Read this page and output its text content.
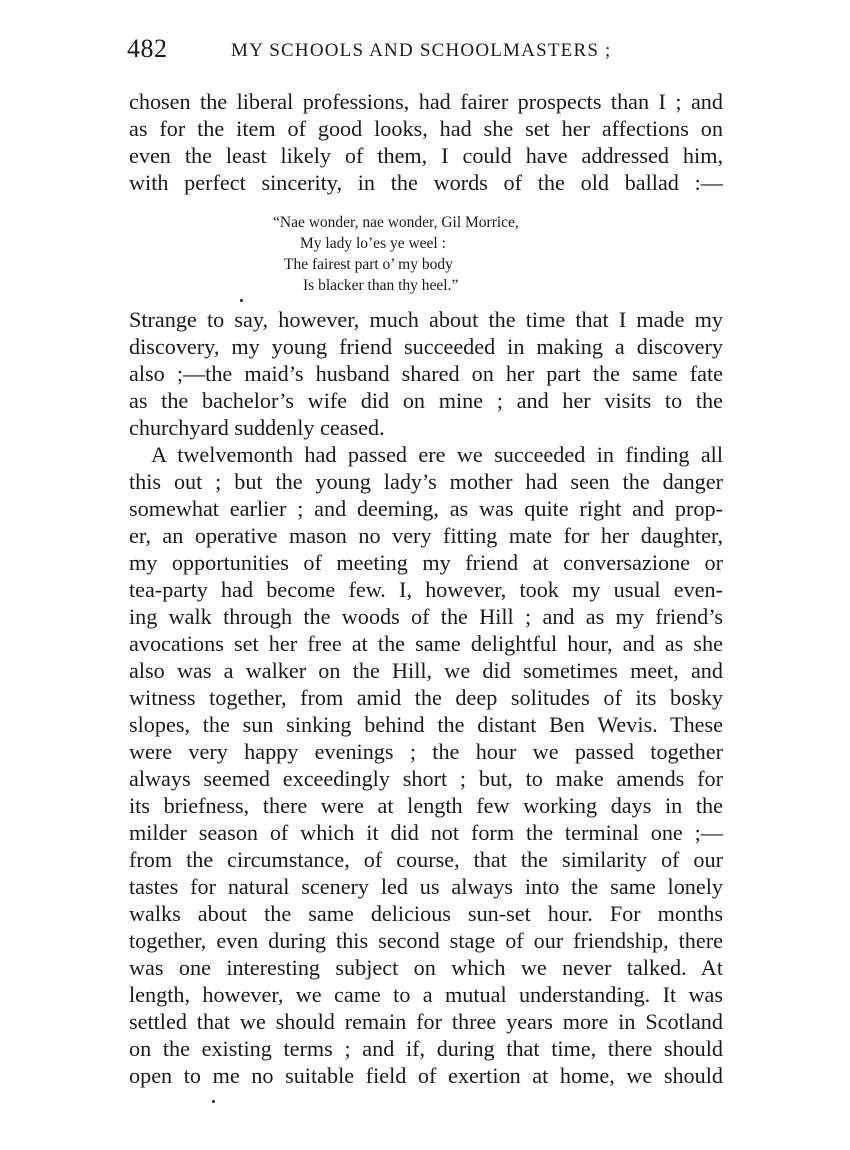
482	MY SCHOOLS AND SCHOOLMASTERS ;
chosen the liberal professions, had fairer prospects than I ; and
as for the item of good looks, had she set her affections on
even the least likely of them, I could have addressed him,
with perfect sincerity, in the words of the old ballad :—
“Nae wonder, nae wonder, Gil Morrice,
My lady lo’es ye weel :
The fairest part o’ my body
Is blacker than thy heel.”
Strange to say, however, much about the time that I made my
discovery, my young friend succeeded in making a discovery
also ;—the maid’s husband shared on her part the same fate
as the bachelor’s wife did on mine ; and her visits to the
churchyard suddenly ceased.
A twelvemonth had passed ere we succeeded in finding all
this out ; but the young lady’s mother had seen the danger
somewhat earlier ; and deeming, as was quite right and prop-
er, an operative mason no very fitting mate for her daughter,
my opportunities of meeting my friend at conversazione or
tea-party had become few. I, however, took my usual even-
ing walk through the woods of the Hill ; and as my friend’s
avocations set her free at the same delightful hour, and as she
also was a walker on the Hill, we did sometimes meet, and
witness together, from amid the deep solitudes of its bosky
slopes, the sun sinking behind the distant Ben Wevis. These
were very happy evenings ; the hour we passed together
always seemed exceedingly short ; but, to make amends for
its briefness, there were at length few working days in the
milder season of which it did not form the terminal one ;—
from the circumstance, of course, that the similarity of our
tastes for natural scenery led us always into the same lonely
walks about the same delicious sun-set hour. For months
together, even during this second stage of our friendship, there
was one interesting subject on which we never talked. At
length, however, we came to a mutual understanding. It was
settled that we should remain for three years more in Scotland
on the existing terms ; and if, during that time, there should
open to me no suitable field of exertion at home, we should
